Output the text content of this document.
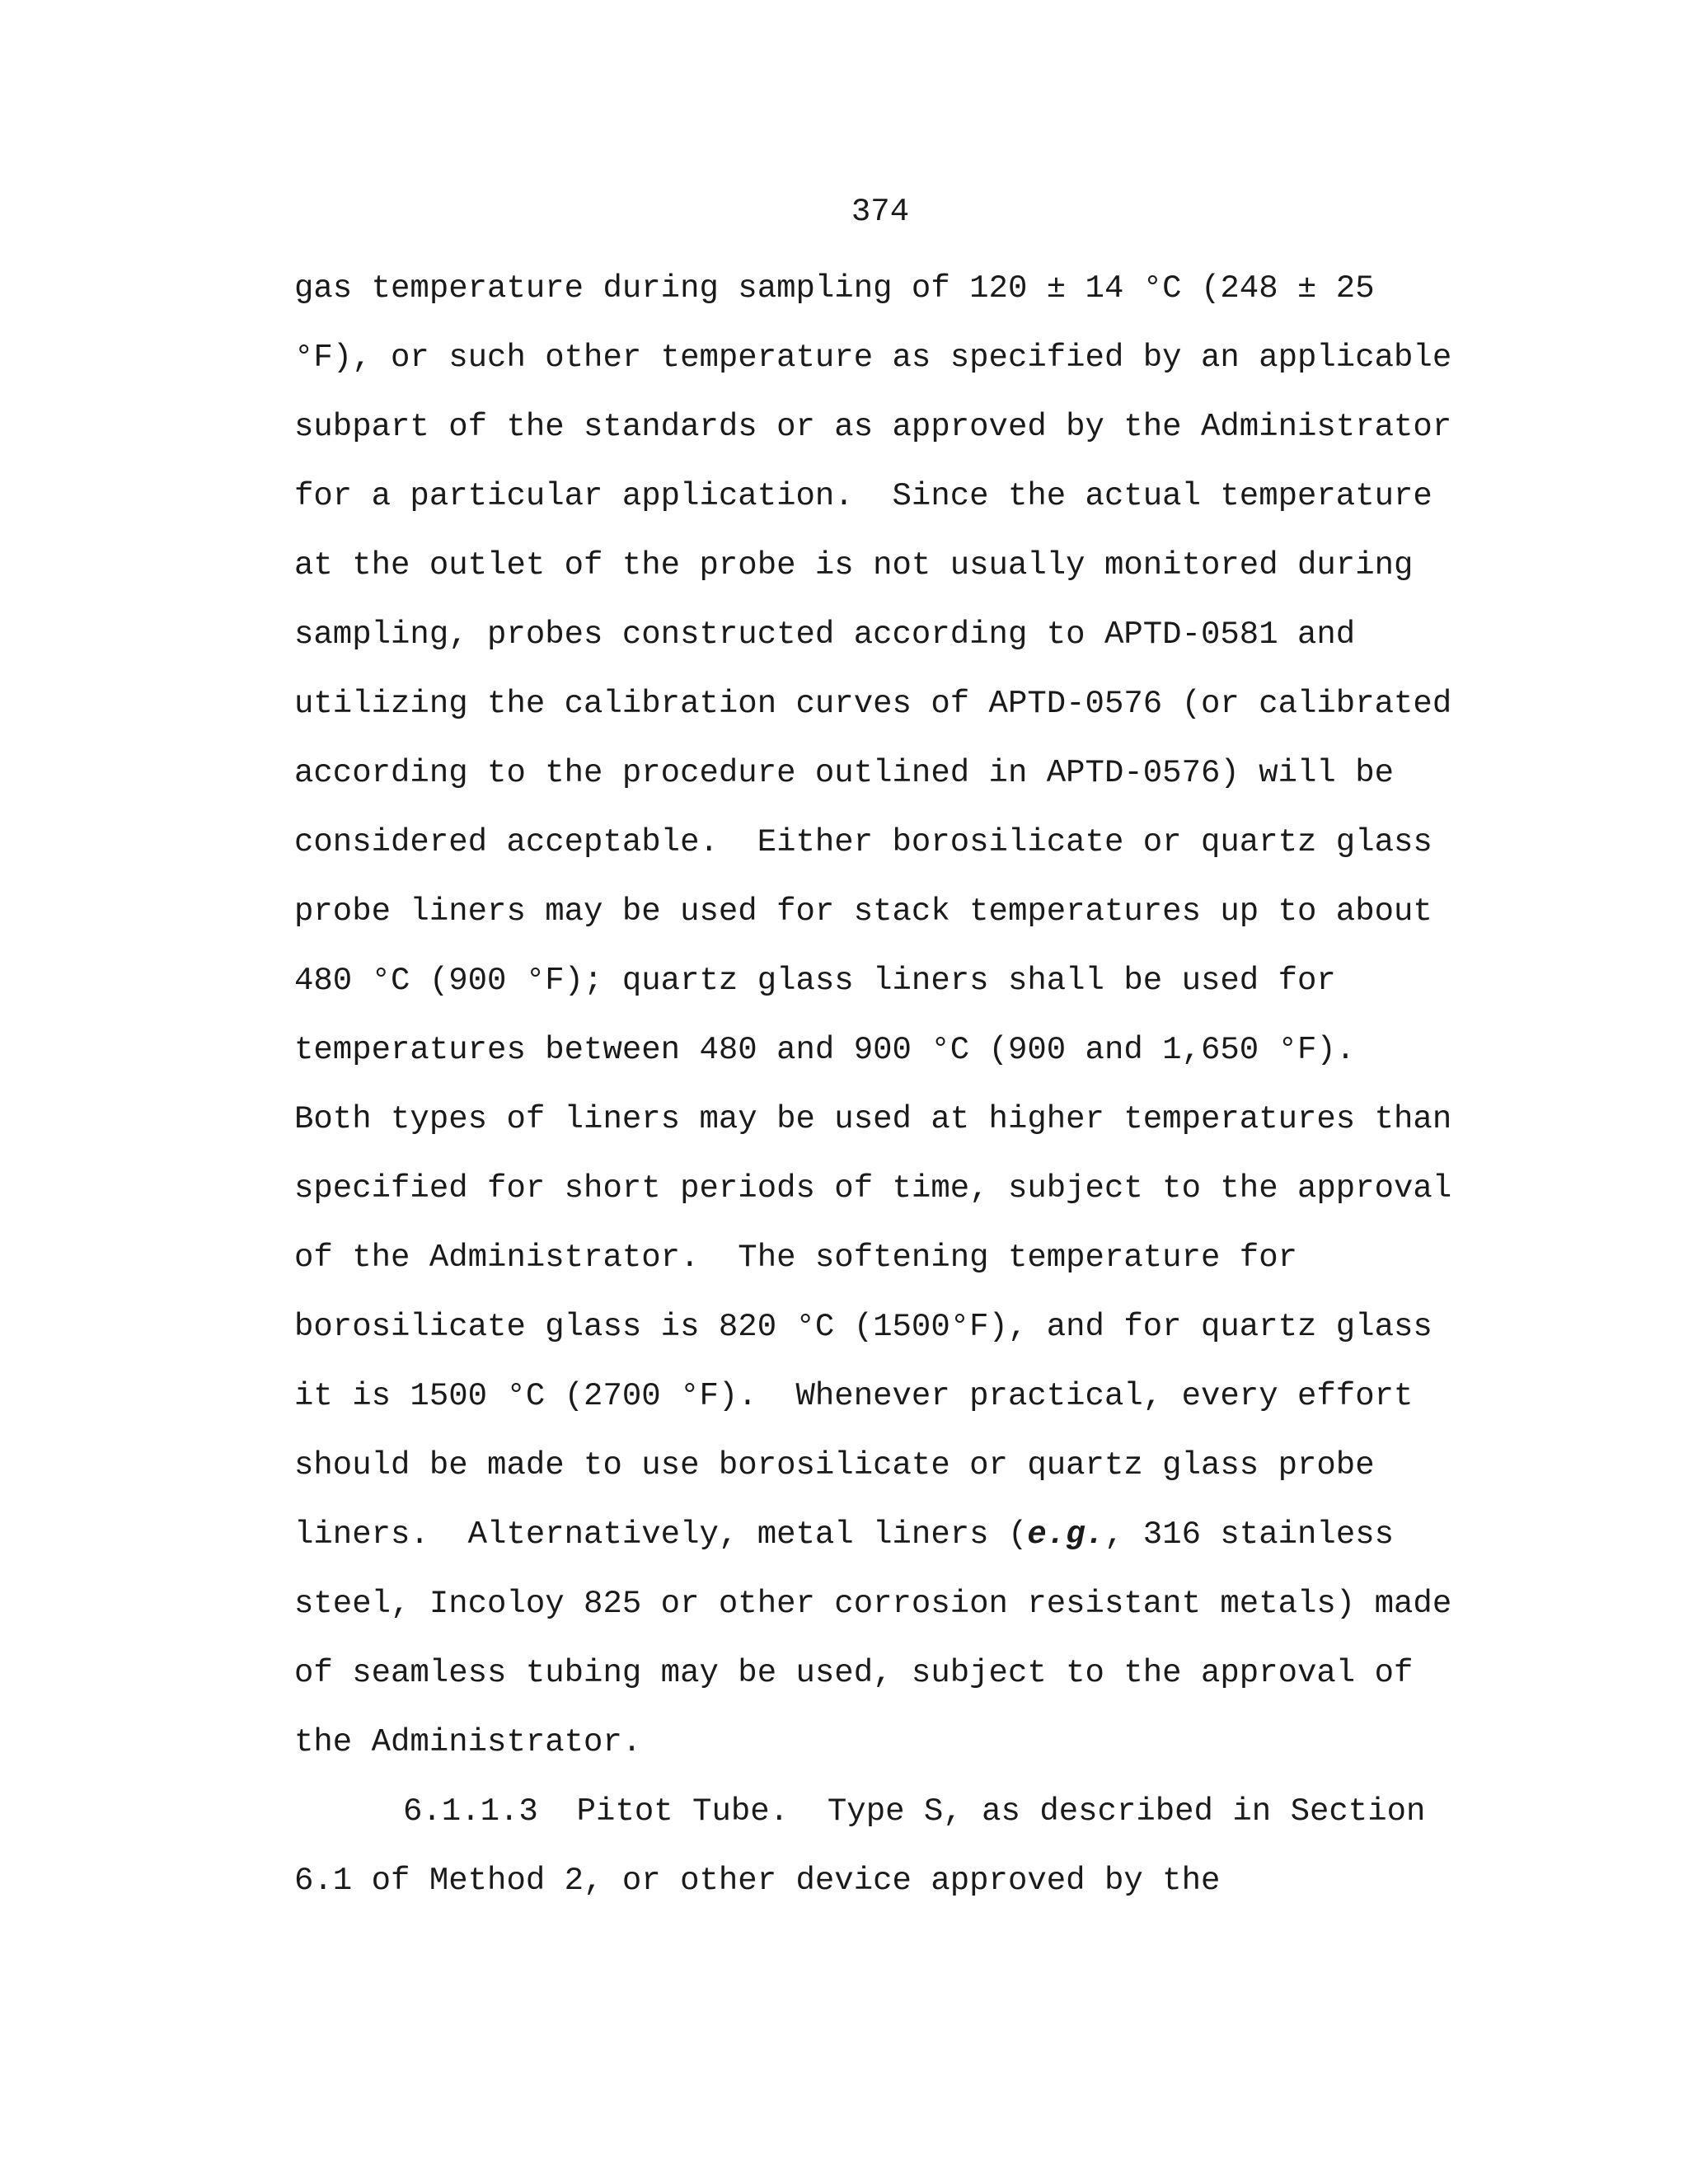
374
gas temperature during sampling of 120 ± 14 °C (248 ± 25
°F), or such other temperature as specified by an applicable
subpart of the standards or as approved by the Administrator
for a particular application.  Since the actual temperature
at the outlet of the probe is not usually monitored during
sampling, probes constructed according to APTD-0581 and
utilizing the calibration curves of APTD-0576 (or calibrated
according to the procedure outlined in APTD-0576) will be
considered acceptable.  Either borosilicate or quartz glass
probe liners may be used for stack temperatures up to about
480 °C (900 °F); quartz glass liners shall be used for
temperatures between 480 and 900 °C (900 and 1,650 °F).
Both types of liners may be used at higher temperatures than
specified for short periods of time, subject to the approval
of the Administrator.  The softening temperature for
borosilicate glass is 820 °C (1500°F), and for quartz glass
it is 1500 °C (2700 °F).  Whenever practical, every effort
should be made to use borosilicate or quartz glass probe
liners.  Alternatively, metal liners (e.g., 316 stainless
steel, Incoloy 825 or other corrosion resistant metals) made
of seamless tubing may be used, subject to the approval of
the Administrator.
6.1.1.3  Pitot Tube.  Type S, as described in Section
6.1 of Method 2, or other device approved by the
